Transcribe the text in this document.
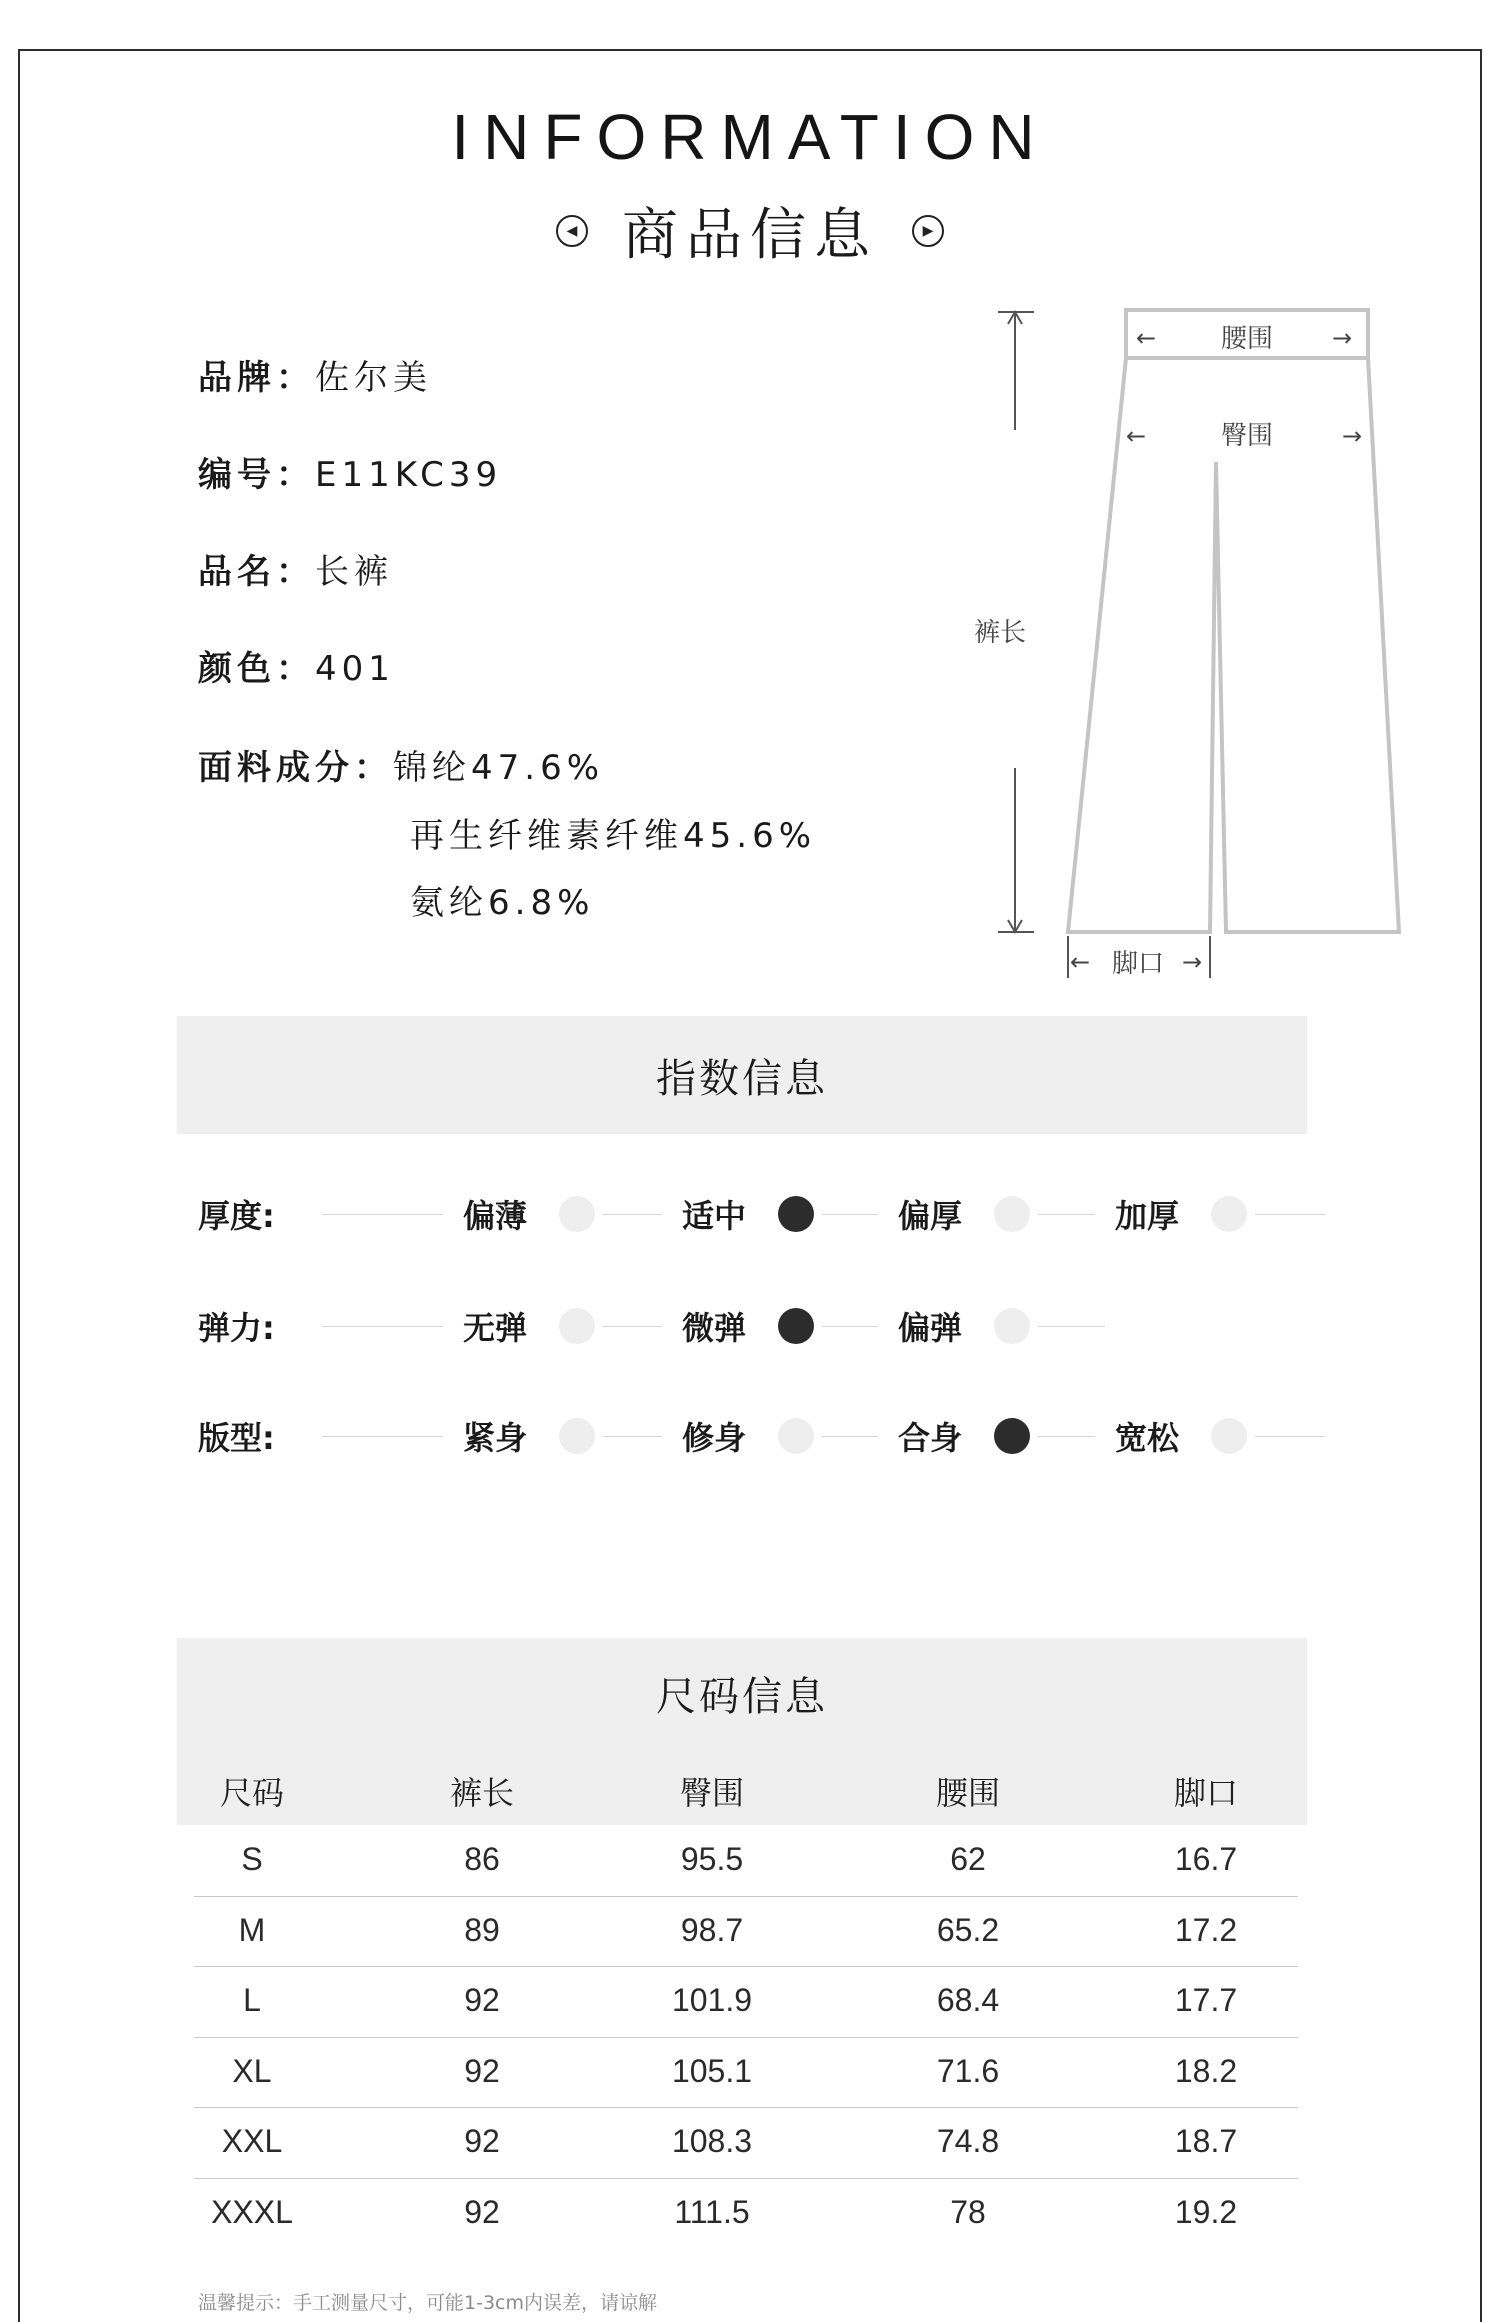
INFORMATION
◀ 商品信息	▶
品牌：佐尔美
编号：E11KC39
品名：长裤
颜色：401
面料成分：锦纶47.6%
再生纤维素纤维45.6%
氨纶6.8%
腰围
←	→
臀围
←	→
裤长
脚口
←	→
指数信息
厚度:	偏薄	适中	偏厚	加厚
弹力:	无弹	微弹	偏弹
版型:	紧身	修身	合身	宽松
尺码信息
尺码	裤长	臀围	腰围	脚口
S	86	95.5	62	16.7
M	89	98.7	65.2	17.2
L	92	101.9	68.4	17.7
XL	92	105.1	71.6	18.2
XXL	92	108.3	74.8	18.7
XXXL	92	111.5	78	19.2
温馨提示：手工测量尺寸，可能1-3cm内误差，请谅解
